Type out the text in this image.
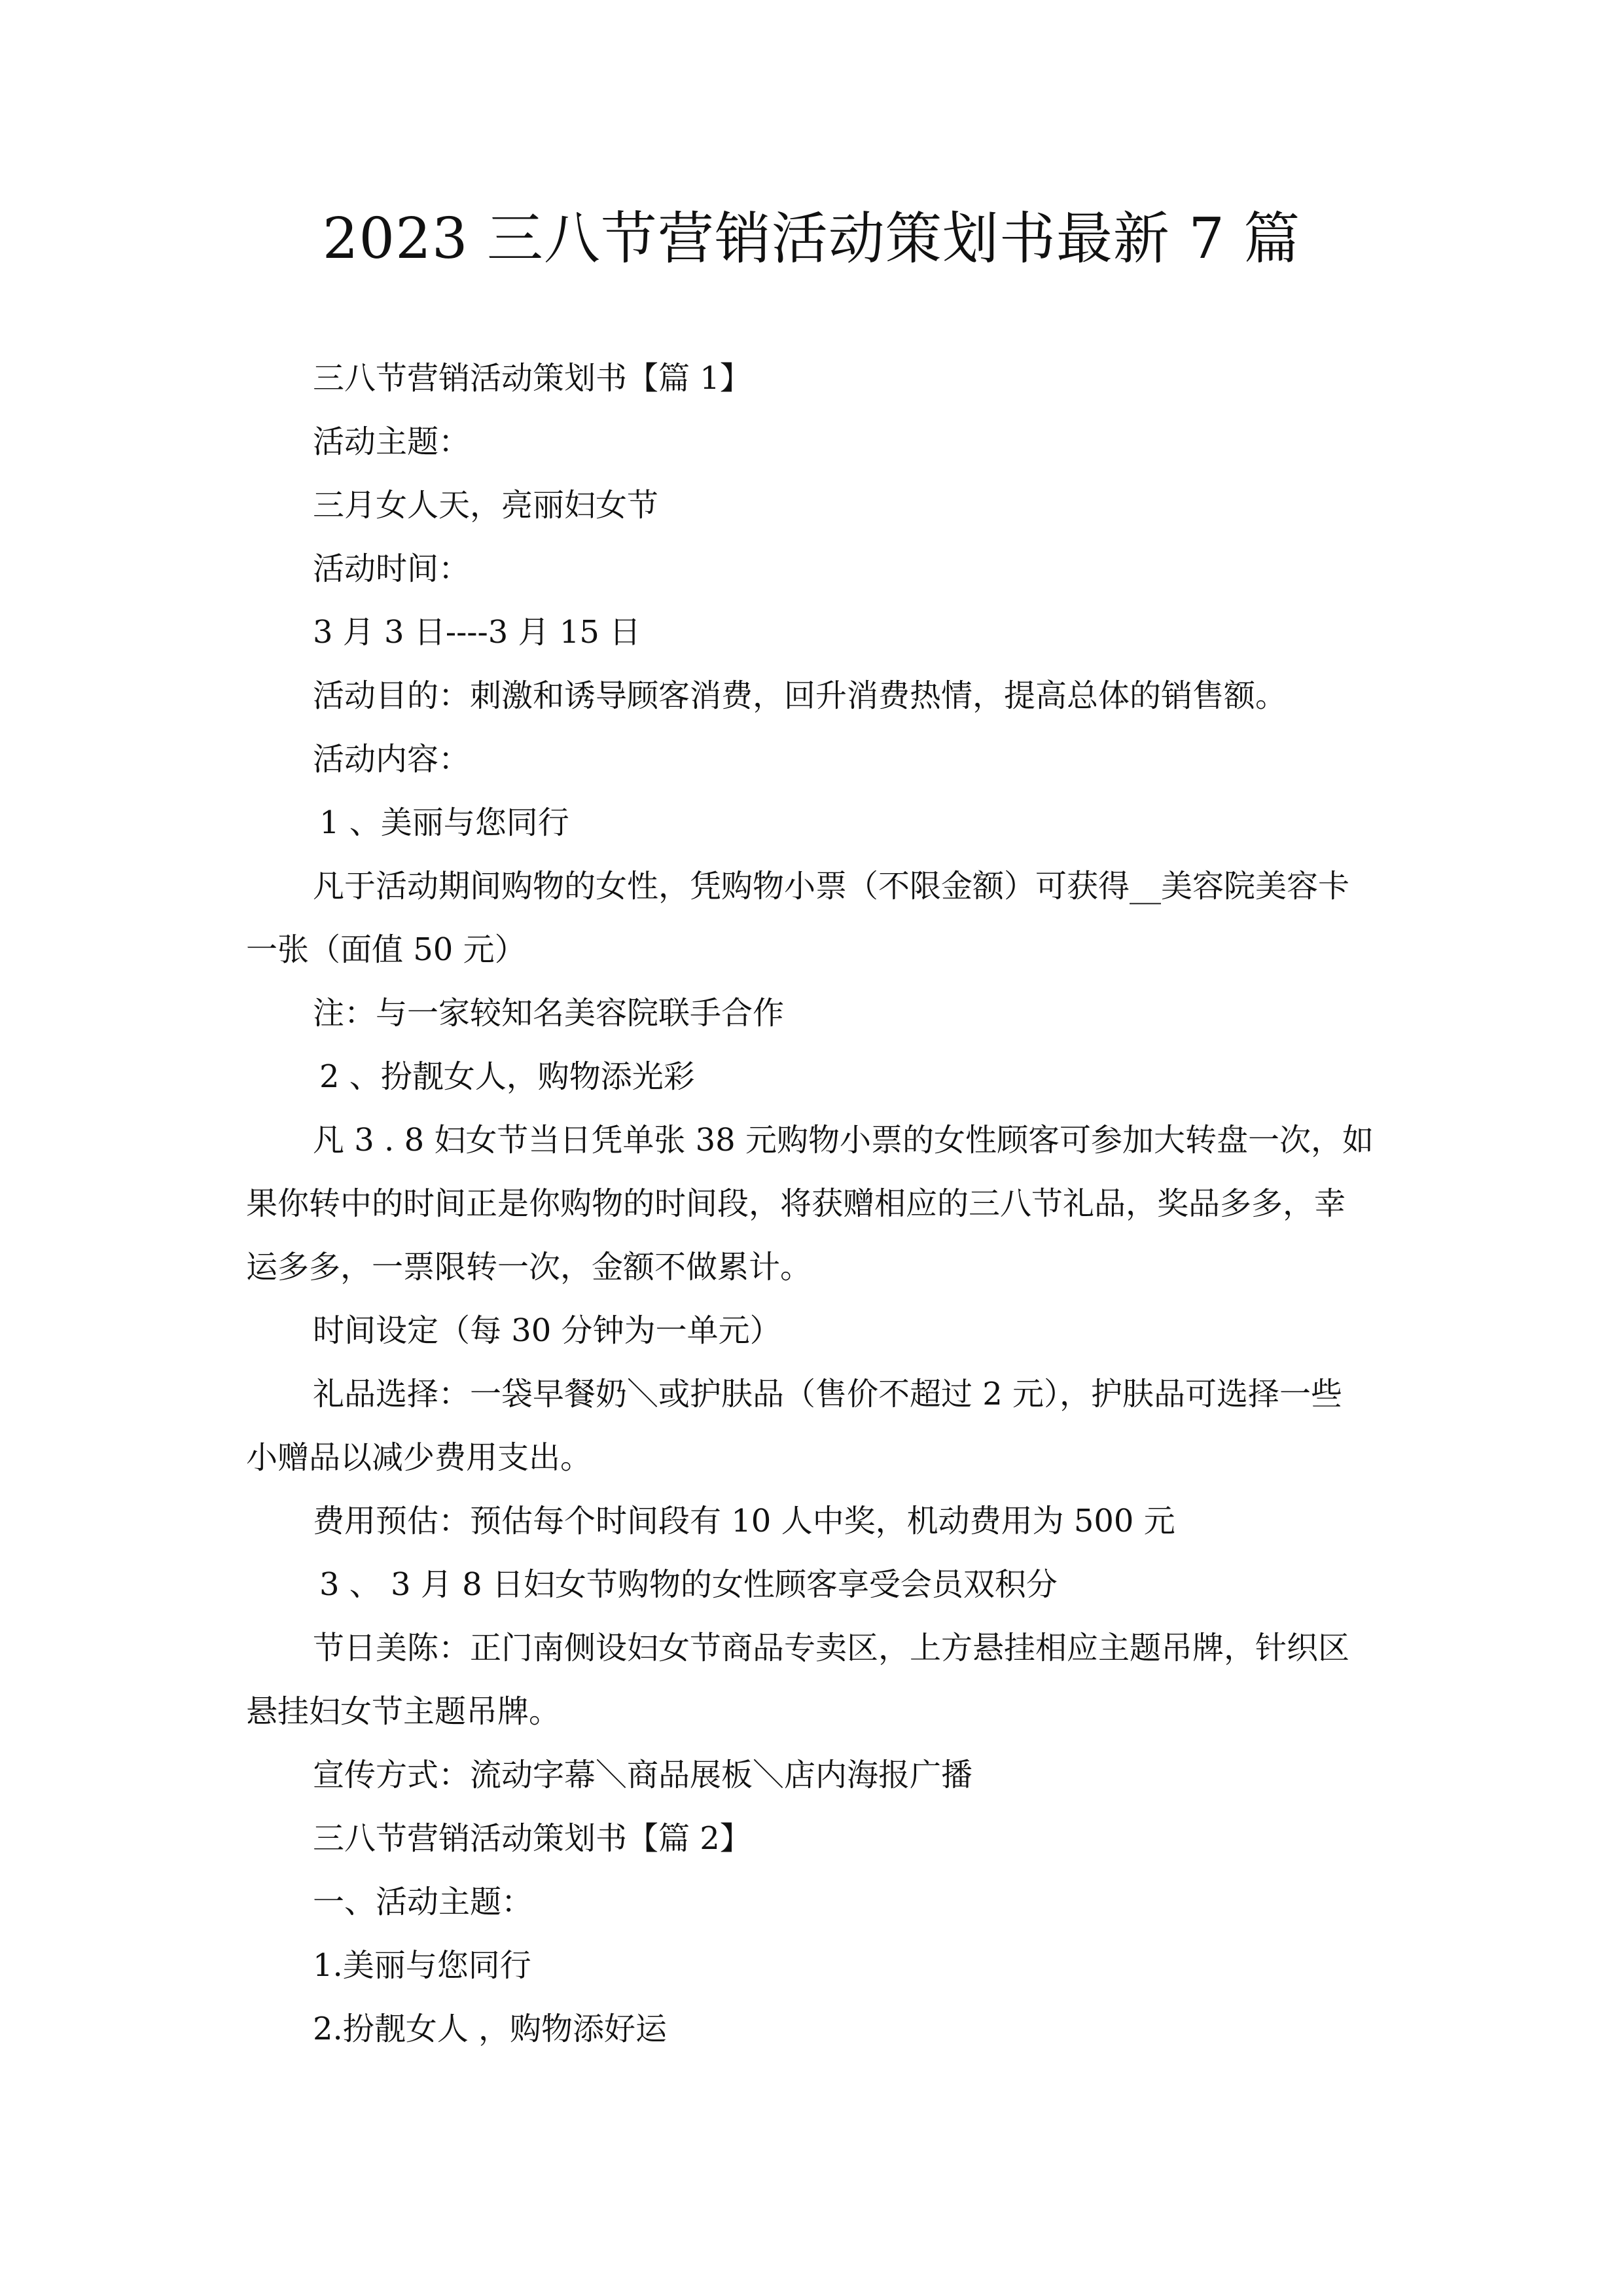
2023 三八节营销活动策划书最新 7 篇
三八节营销活动策划书【篇 1】
活动主题：
三月女人天，亮丽妇女节
活动时间：
3 月 3 日----3 月 15 日
活动目的：刺激和诱导顾客消费，回升消费热情，提高总体的销售额。
活动内容：
1 、美丽与您同行
凡于活动期间购物的女性，凭购物小票（不限金额）可获得__美容院美容卡
一张（面值 50 元）
注：与一家较知名美容院联手合作
2 、扮靓女人，购物添光彩
凡 3 . 8 妇女节当日凭单张 38 元购物小票的女性顾客可参加大转盘一次，如
果你转中的时间正是你购物的时间段，将获赠相应的三八节礼品，奖品多多，幸
运多多，一票限转一次，金额不做累计。
时间设定（每 30 分钟为一单元）
礼品选择：一袋早餐奶＼或护肤品（售价不超过 2 元），护肤品可选择一些
小赠品以减少费用支出。
费用预估：预估每个时间段有 10 人中奖，机动费用为 500 元
3 、 3 月 8 日妇女节购物的女性顾客享受会员双积分
节日美陈：正门南侧设妇女节商品专卖区，上方悬挂相应主题吊牌，针织区
悬挂妇女节主题吊牌。
宣传方式：流动字幕＼商品展板＼店内海报广播
三八节营销活动策划书【篇 2】
一、活动主题：
1.美丽与您同行
2.扮靓女人 ，购物添好运
